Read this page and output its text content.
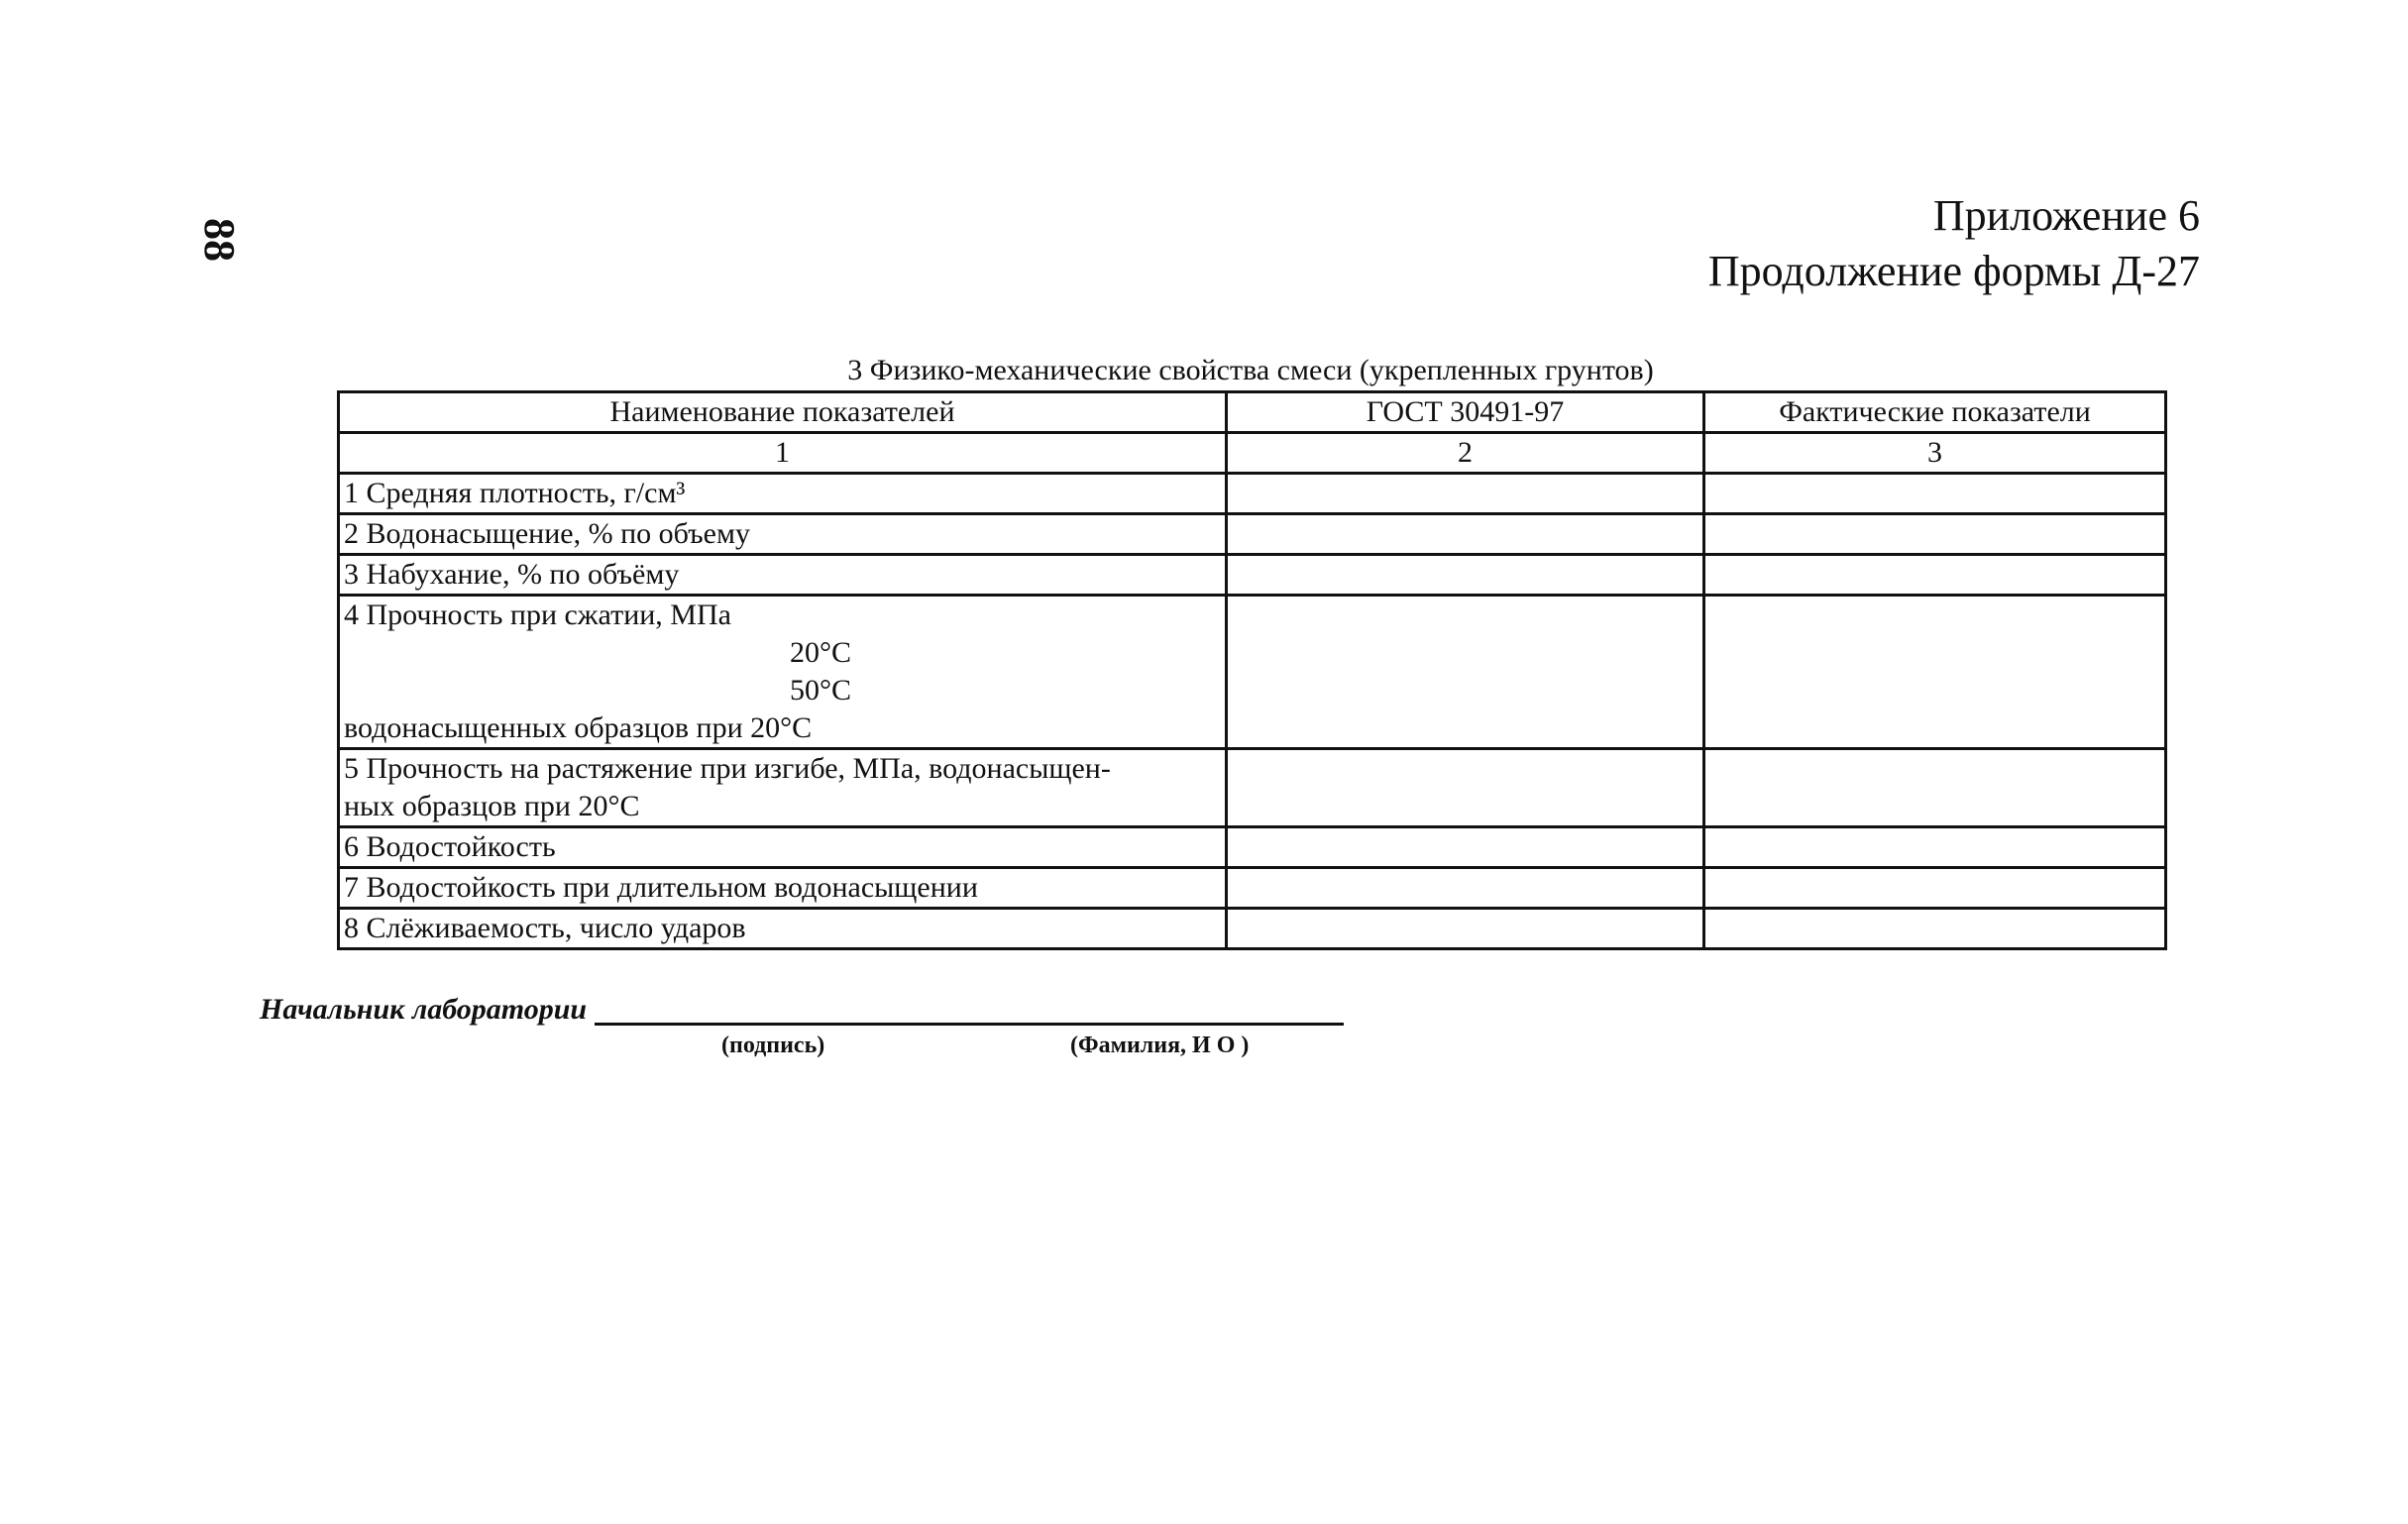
88	Приложение 6
Продолжение формы Д-27
3 Физико-механические свойства смеси (укрепленных грунтов)
Наименование показателей	ГОСТ 30491-97	Фактические показатели
1	2	3
1 Средняя плотность, г/см³		
2 Водонасыщение, % по объему		
3 Набухание, % по объёму		
4 Прочность при сжатии, МПа

20°С
50°С
водонасыщенных образцов при 20°С		
5 Прочность на растяжение при изгибе, МПа, водонасыщен-
ных образцов при 20°С		
6 Водостойкость		
7 Водостойкость при длительном водонасыщении		
8 Слёживаемость, число ударов		
Начальник лаборатории
(подпись)	(Фамилия, И О )
